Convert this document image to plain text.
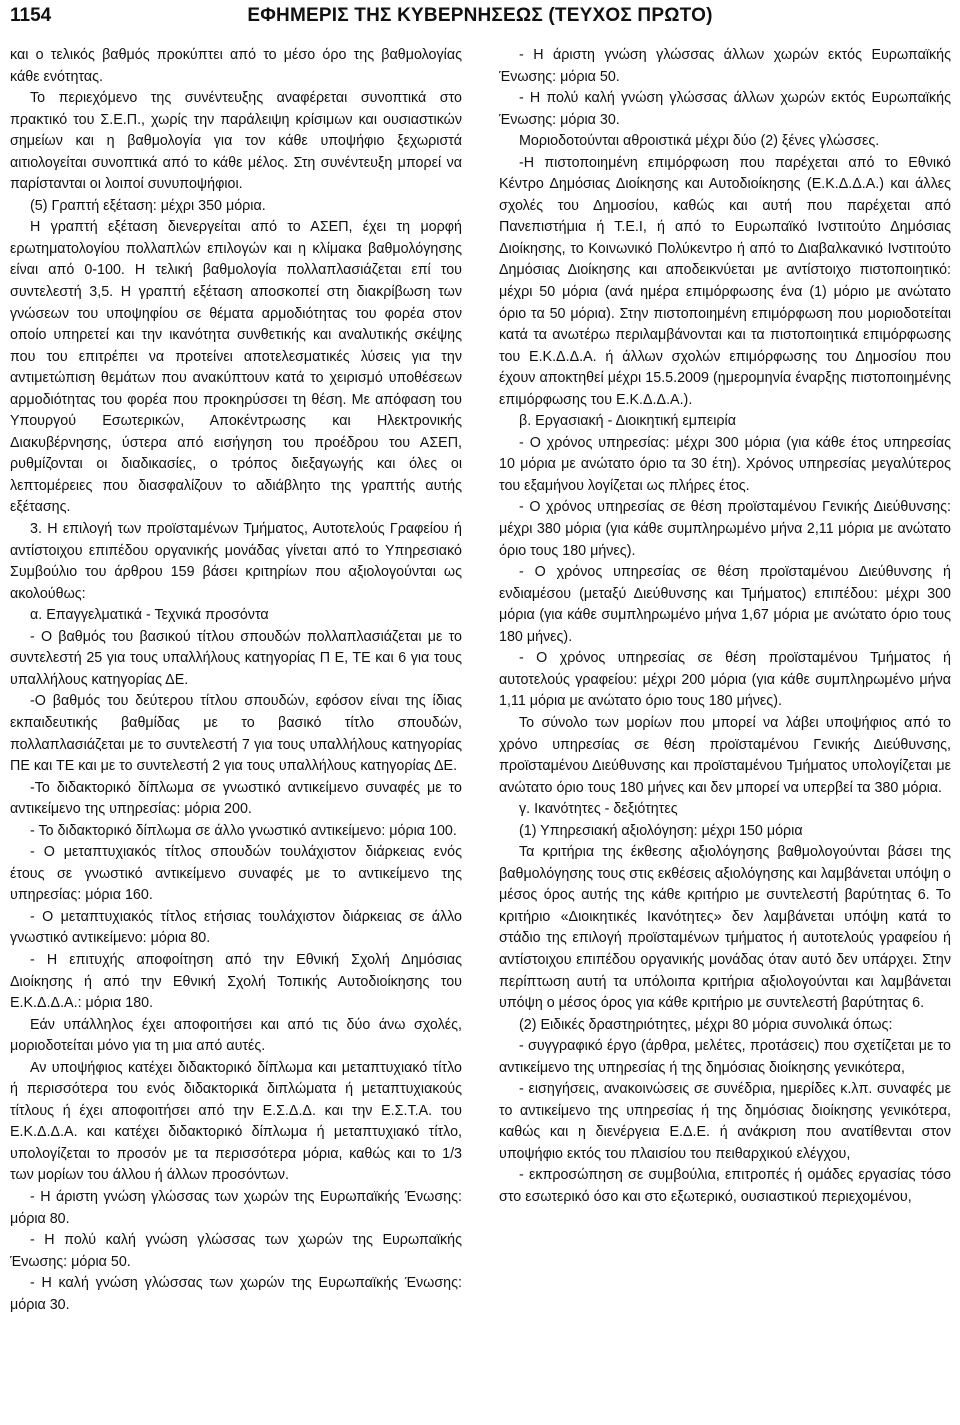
1154	ΕΦΗΜΕΡΙΣ ΤΗΣ ΚΥΒΕΡΝΗΣΕΩΣ (ΤΕΥΧΟΣ ΠΡΩΤΟ)

και ο τελικός βαθμός προκύπτει από το μέσο όρο της βαθμολογίας κάθε ενότητας.

Το περιεχόμενο της συνέντευξης αναφέρεται συνοπτικά στο πρακτικό του Σ.Ε.Π., χωρίς την παράλειψη κρίσιμων και ουσιαστικών σημείων και η βαθμολογία για τον κάθε υποψήφιο ξεχωριστά αιτιολογείται συνοπτικά από το κάθε μέλος. Στη συνέντευξη μπορεί να παρίστανται οι λοιποί συνυποψήφιοι.

(5) Γραπτή εξέταση: μέχρι 350 μόρια.

Η γραπτή εξέταση διενεργείται από το ΑΣΕΠ, έχει τη μορφή ερωτηματολογίου πολλαπλών επιλογών και η κλίμακα βαθμολόγησης είναι από 0-100. Η τελική βαθμολογία πολλαπλασιάζεται επί του συντελεστή 3,5. Η γραπτή εξέταση αποσκοπεί στη διακρίβωση των γνώσεων του υποψηφίου σε θέματα αρμοδιότητας του φορέα στον οποίο υπηρετεί και την ικανότητα συνθετικής και αναλυτικής σκέψης που του επιτρέπει να προτείνει αποτελεσματικές λύσεις για την αντιμετώπιση θεμάτων που ανακύπτουν κατά το χειρισμό υποθέσεων αρμοδιότητας του φορέα που προκηρύσσει τη θέση. Με απόφαση του Υπουργού Εσωτερικών, Αποκέντρωσης και Ηλεκτρονικής Διακυβέρνησης, ύστερα από εισήγηση του προέδρου του ΑΣΕΠ, ρυθμίζονται οι διαδικασίες, ο τρόπος διεξαγωγής και όλες οι λεπτομέρειες που διασφαλίζουν το αδιάβλητο της γραπτής αυτής εξέτασης.

3. Η επιλογή των προϊσταμένων Τμήματος, Αυτοτελούς Γραφείου ή αντίστοιχου επιπέδου οργανικής μονάδας γίνεται από το Υπηρεσιακό Συμβούλιο του άρθρου 159 βάσει κριτηρίων που αξιολογούνται ως ακολούθως:

α. Επαγγελματικά - Τεχνικά προσόντα

- Ο βαθμός του βασικού τίτλου σπουδών πολλαπλασιάζεται με το συντελεστή 25 για τους υπαλλήλους κατηγορίας Π Ε, ΤΕ και 6 για τους υπαλλήλους κατηγορίας ΔΕ.

-Ο βαθμός του δεύτερου τίτλου σπουδών, εφόσον είναι της ίδιας εκπαιδευτικής βαθμίδας με το βασικό τίτλο σπουδών, πολλαπλασιάζεται με το συντελεστή 7 για τους υπαλλήλους κατηγορίας ΠΕ και ΤΕ και με το συντελεστή 2 για τους υπαλλήλους κατηγορίας ΔΕ.

-Το διδακτορικό δίπλωμα σε γνωστικό αντικείμενο συναφές με το αντικείμενο της υπηρεσίας: μόρια 200.

- Το διδακτορικό δίπλωμα σε άλλο γνωστικό αντικείμενο: μόρια 100.

- Ο μεταπτυχιακός τίτλος σπουδών τουλάχιστον διάρκειας ενός έτους σε γνωστικό αντικείμενο συναφές με το αντικείμενο της υπηρεσίας: μόρια 160.

- Ο μεταπτυχιακός τίτλος ετήσιας τουλάχιστον διάρκειας σε άλλο γνωστικό αντικείμενο: μόρια 80.

- Η επιτυχής αποφοίτηση από την Εθνική Σχολή Δημόσιας Διοίκησης ή από την Εθνική Σχολή Τοπικής Αυτοδιοίκησης του Ε.Κ.Δ.Δ.Α.: μόρια 180.

Εάν υπάλληλος έχει αποφοιτήσει και από τις δύο άνω σχολές, μοριοδοτείται μόνο για τη μια από αυτές.

Αν υποψήφιος κατέχει διδακτορικό δίπλωμα και μεταπτυχιακό τίτλο ή περισσότερα του ενός διδακτορικά διπλώματα ή μεταπτυχιακούς τίτλους ή έχει αποφοιτήσει από την Ε.Σ.Δ.Δ. και την Ε.Σ.Τ.Α. του Ε.Κ.Δ.Δ.Α. και κατέχει διδακτορικό δίπλωμα ή μεταπτυχιακό τίτλο, υπολογίζεται το προσόν με τα περισσότερα μόρια, καθώς και το 1/3 των μορίων του άλλου ή άλλων προσόντων.

- Η άριστη γνώση γλώσσας των χωρών της Ευρωπαϊκής Ένωσης: μόρια 80.

- Η πολύ καλή γνώση γλώσσας των χωρών της Ευρωπαϊκής Ένωσης: μόρια 50.

- Η καλή γνώση γλώσσας των χωρών της Ευρωπαϊκής Ένωσης: μόρια 30.

- Η άριστη γνώση γλώσσας άλλων χωρών εκτός Ευρωπαϊκής Ένωσης: μόρια 50.

- Η πολύ καλή γνώση γλώσσας άλλων χωρών εκτός Ευρωπαϊκής Ένωσης: μόρια 30.

Μοριοδοτούνται αθροιστικά μέχρι δύο (2) ξένες γλώσσες.

-Η πιστοποιημένη επιμόρφωση που παρέχεται από το Εθνικό Κέντρο Δημόσιας Διοίκησης και Αυτοδιοίκησης (Ε.Κ.Δ.Δ.Α.) και άλλες σχολές του Δημοσίου, καθώς και αυτή που παρέχεται από Πανεπιστήμια ή Τ.Ε.Ι, ή από το Ευρωπαϊκό Ινστιτούτο Δημόσιας Διοίκησης, το Κοινωνικό Πολύκεντρο ή από το Διαβαλκανικό Ινστιτούτο Δημόσιας Διοίκησης και αποδεικνύεται με αντίστοιχο πιστοποιητικό: μέχρι 50 μόρια (ανά ημέρα επιμόρφωσης ένα (1) μόριο με ανώτατο όριο τα 50 μόρια). Στην πιστοποιημένη επιμόρφωση που μοριοδοτείται κατά τα ανωτέρω περιλαμβάνονται και τα πιστοποιητικά επιμόρφωσης του Ε.Κ.Δ.Δ.Α. ή άλλων σχολών επιμόρφωσης του Δημοσίου που έχουν αποκτηθεί μέχρι 15.5.2009 (ημερομηνία έναρξης πιστοποιημένης επιμόρφωσης του Ε.Κ.Δ.Δ.Α.).

β. Εργασιακή - Διοικητική εμπειρία

- Ο χρόνος υπηρεσίας: μέχρι 300 μόρια (για κάθε έτος υπηρεσίας 10 μόρια με ανώτατο όριο τα 30 έτη). Χρόνος υπηρεσίας μεγαλύτερος του εξαμήνου λογίζεται ως πλήρες έτος.

- Ο χρόνος υπηρεσίας σε θέση προϊσταμένου Γενικής Διεύθυνσης: μέχρι 380 μόρια (για κάθε συμπληρωμένο μήνα 2,11 μόρια με ανώτατο όριο τους 180 μήνες).

- Ο χρόνος υπηρεσίας σε θέση προϊσταμένου Διεύθυνσης ή ενδιαμέσου (μεταξύ Διεύθυνσης και Τμήματος) επιπέδου: μέχρι 300 μόρια (για κάθε συμπληρωμένο μήνα 1,67 μόρια με ανώτατο όριο τους 180 μήνες).

- Ο χρόνος υπηρεσίας σε θέση προϊσταμένου Τμήματος ή αυτοτελούς γραφείου: μέχρι 200 μόρια (για κάθε συμπληρωμένο μήνα 1,11 μόρια με ανώτατο όριο τους 180 μήνες).

Το σύνολο των μορίων που μπορεί να λάβει υποψήφιος από το χρόνο υπηρεσίας σε θέση προϊσταμένου Γενικής Διεύθυνσης, προϊσταμένου Διεύθυνσης και προϊσταμένου Τμήματος υπολογίζεται με ανώτατο όριο τους 180 μήνες και δεν μπορεί να υπερβεί τα 380 μόρια.

γ. Ικανότητες - δεξιότητες

(1) Υπηρεσιακή αξιολόγηση: μέχρι 150 μόρια

Τα κριτήρια της έκθεσης αξιολόγησης βαθμολογούνται βάσει της βαθμολόγησης τους στις εκθέσεις αξιολόγησης και λαμβάνεται υπόψη ο μέσος όρος αυτής της κάθε κριτήριο με συντελεστή βαρύτητας 6. Το κριτήριο «Διοικητικές Ικανότητες» δεν λαμβάνεται υπόψη κατά το στάδιο της επιλογή προϊσταμένων τμήματος ή αυτοτελούς γραφείου ή αντίστοιχου επιπέδου οργανικής μονάδας όταν αυτό δεν υπάρχει. Στην περίπτωση αυτή τα υπόλοιπα κριτήρια αξιολογούνται και λαμβάνεται υπόψη ο μέσος όρος για κάθε κριτήριο με συντελεστή βαρύτητας 6.

(2) Ειδικές δραστηριότητες, μέχρι 80 μόρια συνολικά όπως:

- συγγραφικό έργο (άρθρα, μελέτες, προτάσεις) που σχετίζεται με το αντικείμενο της υπηρεσίας ή της δημόσιας διοίκησης γενικότερα,

- εισηγήσεις, ανακοινώσεις σε συνέδρια, ημερίδες κ.λπ. συναφές με το αντικείμενο της υπηρεσίας ή της δημόσιας διοίκησης γενικότερα, καθώς και η διενέργεια Ε.Δ.Ε. ή ανάκριση που ανατίθενται στον υποψήφιο εκτός του πλαισίου του πειθαρχικού ελέγχου,

- εκπροσώπηση σε συμβούλια, επιτροπές ή ομάδες εργασίας τόσο στο εσωτερικό όσο και στο εξωτερικό, ουσιαστικού περιεχομένου,
